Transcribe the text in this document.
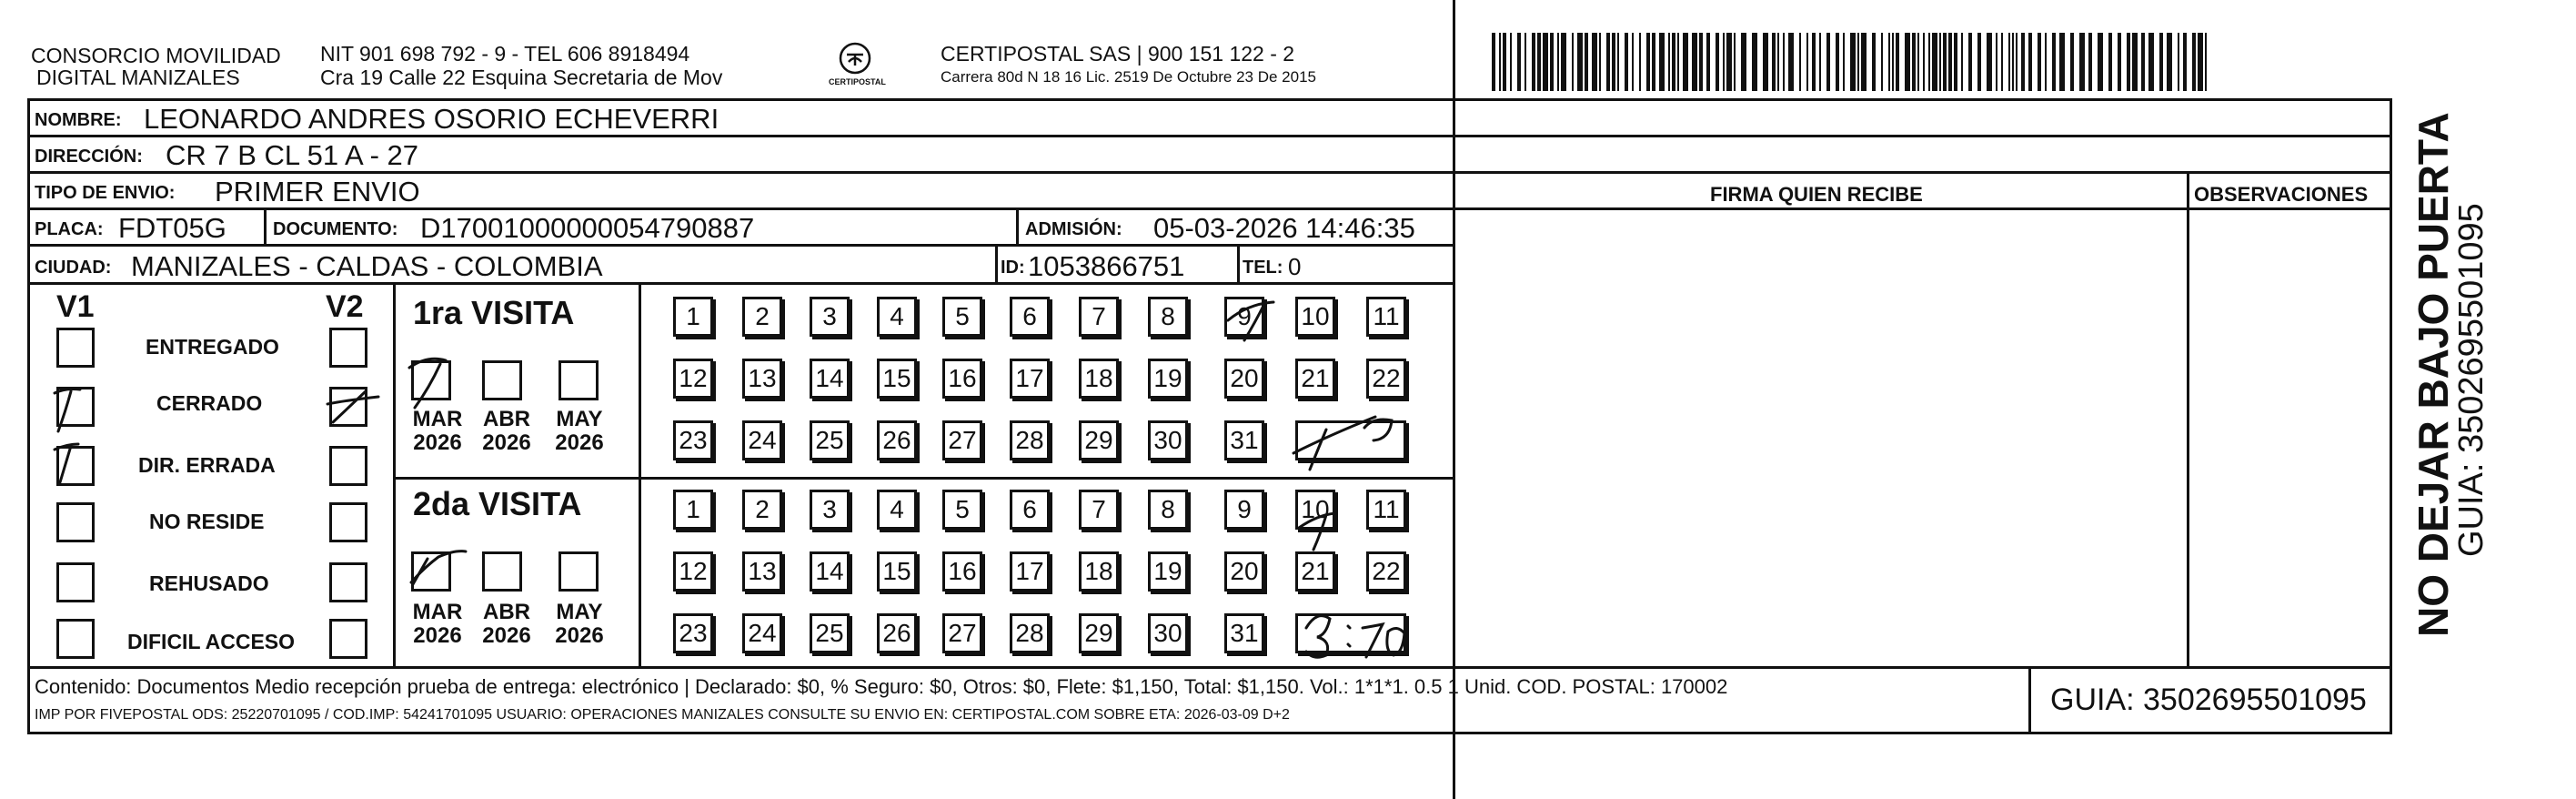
CONSORCIO MOVILIDAD
DIGITAL MANIZALES
NIT 901 698 792 - 9 - TEL 606 8918494
Cra 19 Calle 22 Esquina Secretaria de Mov	CERTIPOSTAL
CERTIPOSTAL SAS | 900 151 122 - 2
Carrera 80d N 18 16 Lic. 2519 De Octubre 23 De 2015
NOMBRE: LEONARDO ANDRES OSORIO ECHEVERRI
DIRECCIÓN: CR 7 B CL 51 A - 27
TIPO DE ENVIO: PRIMER ENVIO
PLACA: FDT05G	DOCUMENTO: D17001000000054790887	ADMISIÓN: 05-03-2026 14:46:35
CIUDAD: MANIZALES - CALDAS - COLOMBIA	ID: 1053866751	TEL: 0
FIRMA QUIEN RECIBE	OBSERVACIONES
V1	V2
ENTREGADO
CERRADO
DIR. ERRADA
NO RESIDE
REHUSADO
DIFICIL ACCESO
1ra VISITA
MAR
2026
ABR
2026
MAY
2026
2da VISITA
MAR
2026
ABR
2026
MAY
2026
1	2	3	4	5	6	7	8	9	10 11
12 13 14 15 16 17 18 19 20 21 22
23 24 25 26 27 28 29 30 31
1	2	3	4	5	6	7	8	9	10 11
12 13 14 15 16 17 18 19 20 21 22
23 24 25 26 27 28 29 30 31	NO DEJAR BAJO PUERTA
GUIA: 3502695501095
Contenido: Documentos Medio recepción prueba de entrega: electrónico | Declarado: $0, % Seguro: $0, Otros: $0, Flete: $1,150, Total: $1,150. Vol.: 1*1*1. 0.5 1 Unid. COD. POSTAL: 170002
IMP POR FIVEPOSTAL ODS: 25220701095 / COD.IMP: 54241701095 USUARIO: OPERACIONES MANIZALES CONSULTE SU ENVIO EN: CERTIPOSTAL.COM SOBRE ETA: 2026-03-09 D+2	GUIA: 3502695501095
